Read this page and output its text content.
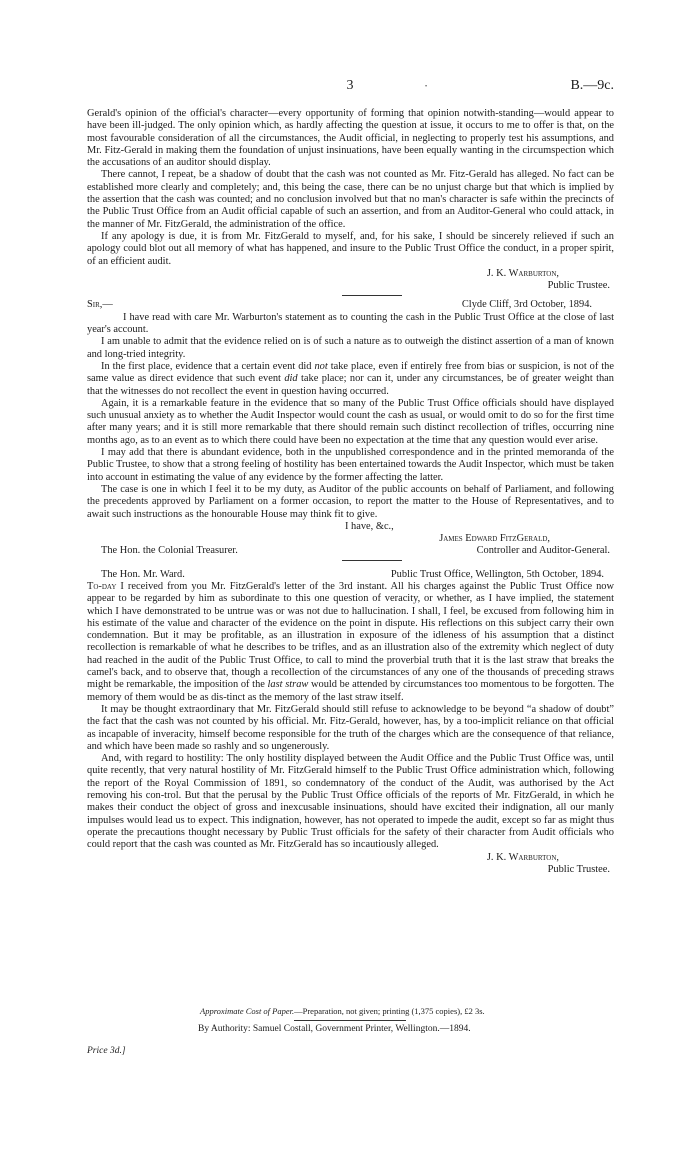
•
3	B.—9c.

Gerald's opinion of the official's character—every opportunity of forming that opinion notwith-standing—would appear to have been ill-judged. The only opinion which, as hardly affecting the question at issue, it occurs to me to offer is that, on the most favourable consideration of all the circumstances, the Audit official, in neglecting to properly test his assumptions, and Mr. Fitz-Gerald in making them the foundation of unjust insinuations, have been equally wanting in the circumspection which the accusations of an auditor should display.

There cannot, I repeat, be a shadow of doubt that the cash was not counted as Mr. Fitz-Gerald has alleged. No fact can be established more clearly and completely; and, this being the case, there can be no unjust charge but that which is implied by the assertion that the cash was counted; and no conclusion involved but that no man's character is safe within the precincts of the Public Trust Office from an Audit official capable of such an assertion, and from an Auditor-General who could attack, in the manner of Mr. FitzGerald, the administration of the office.

If any apology is due, it is from Mr. FitzGerald to myself, and, for his sake, I should be sincerely relieved if such an apology could blot out all memory of what has happened, and insure to the Public Trust Office the conduct, in a proper spirit, of an efficient audit.

J. K. Warburton,

Public Trustee.

Sir,—	Clyde Cliff, 3rd October, 1894.

I have read with care Mr. Warburton's statement as to counting the cash in the Public Trust Office at the close of last year's account.

I am unable to admit that the evidence relied on is of such a nature as to outweigh the distinct assertion of a man of known and long-tried integrity.

In the first place, evidence that a certain event did not take place, even if entirely free from bias or suspicion, is not of the same value as direct evidence that such event did take place; nor can it, under any circumstances, be of greater weight than that the witnesses do not recollect the event in question having occurred.

Again, it is a remarkable feature in the evidence that so many of the Public Trust Office officials should have displayed such unusual anxiety as to whether the Audit Inspector would count the cash as usual, or would omit to do so for the first time after many years; and it is still more remarkable that there should remain such distinct recollection of trifles, occurring nine months ago, as to an event as to which there could have been no expectation at the time that any question would ever arise.

I may add that there is abundant evidence, both in the unpublished correspondence and in the printed memoranda of the Public Trustee, to show that a strong feeling of hostility has been entertained towards the Audit Inspector, which must be taken into account in estimating the value of any evidence by the former affecting the latter.

The case is one in which I feel it to be my duty, as Auditor of the public accounts on behalf of Parliament, and following the precedents approved by Parliament on a former occasion, to report the matter to the House of Representatives, and to await such instructions as the honourable House may think fit to give.

I have, &c.,

James Edward FitzGerald,

The Hon. the Colonial Treasurer.	Controller and Auditor-General.
The Hon. Mr. Ward.	Public Trust Office, Wellington, 5th October, 1894.

To-day I received from you Mr. FitzGerald's letter of the 3rd instant. All his charges against the Public Trust Office now appear to be regarded by him as subordinate to this one question of veracity, or whether, as I have implied, the statement which I have demonstrated to be untrue was or was not due to hallucination. I shall, I feel, be excused from following him in his estimate of the value and character of the evidence on the point in dispute. His reflections on this subject carry their own condemnation. But it may be profitable, as an illustration in exposure of the idleness of his assumption that a distinct recollection is remarkable of what he describes to be trifles, and as an illustration also of the extremity which neglect of duty had reached in the audit of the Public Trust Office, to call to mind the proverbial truth that it is the last straw that breaks the camel's back, and to observe that, though a recollection of the circumstances of any one of the thousands of preceding straws might be remarkable, the imposition of the last straw would be attended by circumstances too momentous to be forgotten. The memory of them would be as dis-tinct as the memory of the last straw itself.

It may be thought extraordinary that Mr. FitzGerald should still refuse to acknowledge to be beyond “a shadow of doubt” the fact that the cash was not counted by his official. Mr. Fitz-Gerald, however, has, by a too-implicit reliance on that official as incapable of inveracity, himself become responsible for the truth of the charges which are the consequence of that reliance, and which have been made so rashly and so ungenerously.

And, with regard to hostility: The only hostility displayed between the Audit Office and the Public Trust Office was, until quite recently, that very natural hostility of Mr. FitzGerald himself to the Public Trust Office administration which, following the report of the Royal Commission of 1891, so condemnatory of the conduct of the Audit, was authorised by the Act removing his con-trol. But that the perusal by the Public Trust Office officials of the reports of Mr. FitzGerald, in which he makes their conduct the object of gross and inexcusable insinuations, should have excited their indignation, all our manly impulses would lead us to expect. This indignation, however, has not operated to impede the audit, except so far as might thus operate the precautions thought necessary by Public Trust officials for the safety of their character from Audit officials who could report that the cash was counted as Mr. FitzGerald has so incautiously alleged.

J. K. Warburton,

Public Trustee.

Approximate Cost of Paper.—Preparation, not given; printing (1,375 copies), £2 3s.
By Authority: Samuel Costall, Government Printer, Wellington.—1894.
Price 3d.]
